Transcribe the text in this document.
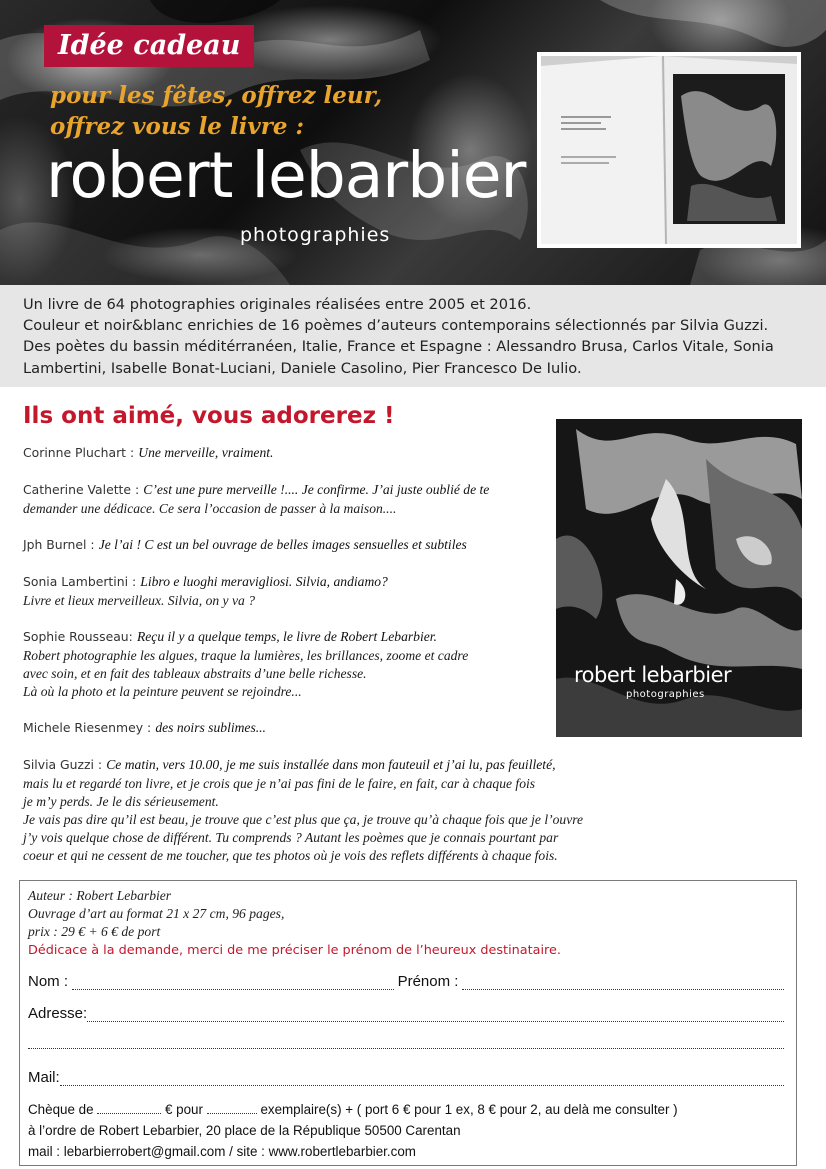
Idée cadeau
pour les fêtes, offrez leur,
offrez vous le livre :
robert lebarbier
photographies

Un livre de 64 photographies originales réalisées entre 2005 et 2016.

Couleur et noir&blanc enrichies de 16 poèmes d’auteurs contemporains sélectionnés par Silvia Guzzi.

Des poètes du bassin méditérranéen, Italie, France et Espagne : Alessandro Brusa, Carlos Vitale, Sonia

Lambertini, Isabelle Bonat-Luciani, Daniele Casolino, Pier Francesco De Iulio.

Ils ont aimé, vous adorerez !
Corinne Pluchart : Une merveille, vraiment.
Catherine Valette : C’est une pure merveille !.... Je confirme. J’ai juste oublié de te
demander une dédicace. Ce sera l’occasion de passer à la maison....
Jph Burnel : Je l’ai ! C est un bel ouvrage de belles images sensuelles et subtiles
Sonia Lambertini : Libro e luoghi meravigliosi. Silvia, andiamo?
Livre et lieux merveilleux. Silvia, on y va ?
Sophie Rousseau: Reçu il y a quelque temps, le livre de Robert Lebarbier.
Robert photographie les algues, traque la lumières, les brillances, zoome et cadre
avec soin, et en fait des tableaux abstraits d’une belle richesse.
Là où la photo et la peinture peuvent se rejoindre...
Michele Riesenmey : des noirs sublimes...
Silvia Guzzi : Ce matin, vers 10.00, je me suis installée dans mon fauteuil et j’ai lu, pas feuilleté,
mais lu et regardé ton livre, et je crois que je n’ai pas fini de le faire, en fait, car à chaque fois
je m’y perds. Je le dis sérieusement.
Je vais pas dire qu’il est beau, je trouve que c’est plus que ça, je trouve qu’à chaque fois que je l’ouvre
j’y vois quelque chose de différent. Tu comprends ? Autant les poèmes que je connais pourtant par
coeur et qui ne cessent de me toucher, que tes photos où je vois des reflets différents à chaque fois.
robert lebarbier
photographies
Auteur : Robert Lebarbier
Ouvrage d’art au format 21 x 27 cm, 96 pages,
prix : 29 € + 6 € de port
Dédicace à la demande, merci de me préciser le prénom de l’heureux destinataire.
Nom :	Prénom :
Adresse:
Mail:
Chèque de	€ pour	exemplaire(s) + ( port 6 € pour 1 ex, 8 € pour 2, au delà me consulter )
à l’ordre de Robert Lebarbier, 20 place de la République 50500 Carentan
mail : lebarbierrobert@gmail.com / site : www.robertlebarbier.com
